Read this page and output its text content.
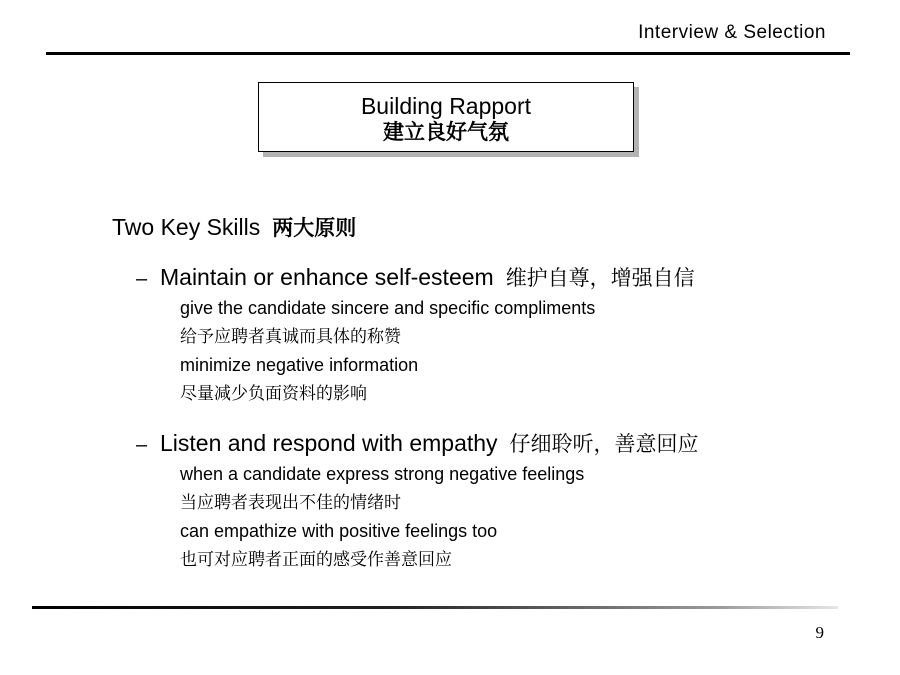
Interview & Selection
Building Rapport
建立良好气氛
Two Key Skills 两大原则
– Maintain or enhance self-esteem 维护自尊，增强自信
give the candidate sincere and specific compliments
给予应聘者真诚而具体的称赞
minimize negative information
尽量减少负面资料的影响
– Listen and respond with empathy 仔细聆听，善意回应
when a candidate express strong negative feelings
当应聘者表现出不佳的情绪时
can empathize with positive feelings too
也可对应聘者正面的感受作善意回应
9
